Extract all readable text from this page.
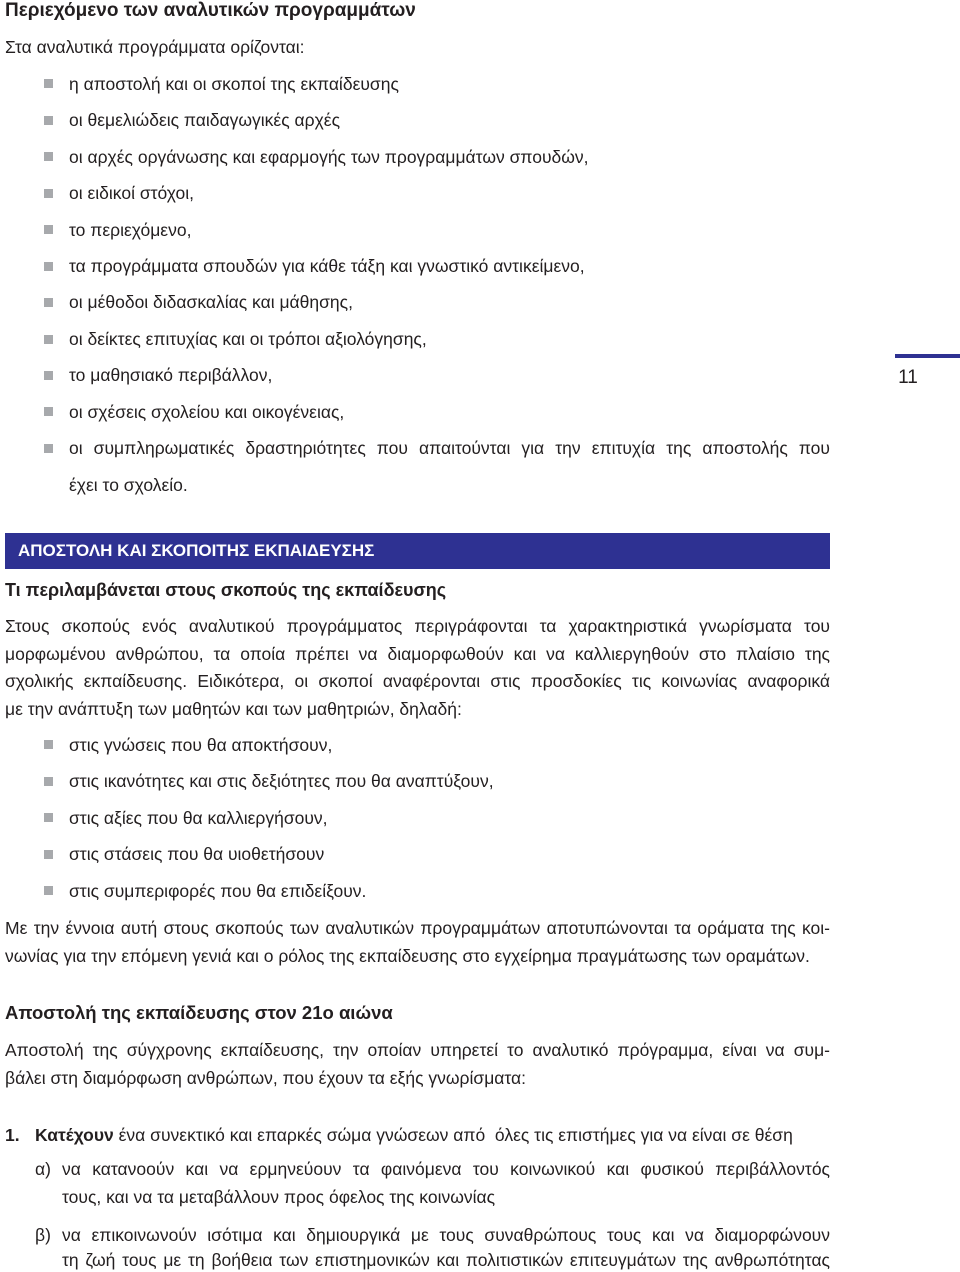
Περιεχόμενο των αναλυτικών προγραμμάτων

Στα αναλυτικά προγράμματα ορίζονται:

η αποστολή και οι σκοποί της εκπαίδευσης
οι θεμελιώδεις παιδαγωγικές αρχές
οι αρχές οργάνωσης και εφαρμογής των προγραμμάτων σπουδών,
οι ειδικοί στόχοι,
το περιεχόμενο,
τα προγράμματα σπουδών για κάθε τάξη και γνωστικό αντικείμενο,
οι μέθοδοι διδασκαλίας και μάθησης,
οι δείκτες επιτυχίας και οι τρόποι αξιολόγησης,
το μαθησιακό περιβάλλον,
οι σχέσεις σχολείου και οικογένειας,
οι συμπληρωματικές δραστηριότητες που απαιτούνται για την επιτυχία της αποστολής που
έχει το σχολείο.
11
ΑΠΟΣΤΟΛΗ ΚΑΙ ΣΚΟΠΟΙΤΗΣ ΕΚΠΑΙΔΕΥΣΗΣ
Τι περιλαμβάνεται στους σκοπούς της εκπαίδευσης
Στους σκοπούς ενός αναλυτικού προγράμματος περιγράφονται τα χαρακτηριστικά γνωρίσματα του
μορφωμένου ανθρώπου, τα οποία πρέπει να διαμορφωθούν και να καλλιεργηθούν στο πλαίσιο της
σχολικής εκπαίδευσης. Ειδικότερα, οι σκοποί αναφέρονται στις προσδοκίες τις κοινωνίας αναφορικά
με την ανάπτυξη των μαθητών και των μαθητριών, δηλαδή:
στις γνώσεις που θα αποκτήσουν,
στις ικανότητες και στις δεξιότητες που θα αναπτύξουν,
στις αξίες που θα καλλιεργήσουν,
στις στάσεις που θα υιοθετήσουν
στις συμπεριφορές που θα επιδείξουν.
Με την έννοια αυτή στους σκοπούς των αναλυτικών προγραμμάτων αποτυπώνονται τα οράματα της κοι-
νωνίας για την επόμενη γενιά και ο ρόλος της εκπαίδευσης στο εγχείρημα πραγμάτωσης των οραμάτων.
Αποστολή της εκπαίδευσης στον 21ο αιώνα
Αποστολή της σύγχρονης εκπαίδευσης, την οποίαν υπηρετεί το αναλυτικό πρόγραμμα, είναι να συμ-
βάλει στη διαμόρφωση ανθρώπων, που έχουν τα εξής γνωρίσματα:
1. Κατέχουν ένα συνεκτικό και επαρκές σώμα γνώσεων από  όλες τις επιστήμες για να είναι σε θέση
α) να κατανοούν και να ερμηνεύουν τα φαινόμενα του κοινωνικού και φυσικού περιβάλλοντός
τους, και να τα μεταβάλλουν προς όφελος της κοινωνίας
β) να επικοινωνούν ισότιμα και δημιουργικά με τους συναθρώπους τους και να διαμορφώνουν
τη ζωή τους με τη βοήθεια των επιστημονικών και πολιτιστικών επιτευγμάτων της ανθρωπότητας
